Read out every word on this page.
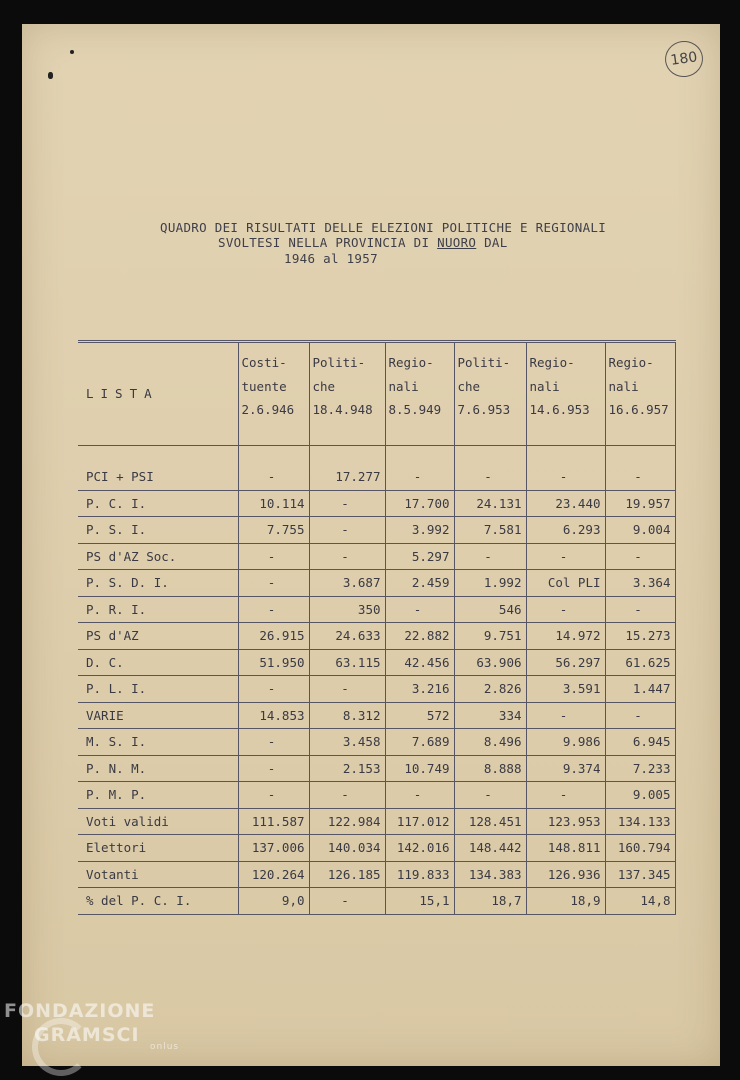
180
QUADRO DEI RISULTATI DELLE ELEZIONI POLITICHE E REGIONALI
SVOLTESI NELLA PROVINCIA DI NUORO DAL
1946 al 1957
LISTA	Costi-
tuente
2.6.946	Politi-
che
18.4.948	Regio-
nali
8.5.949	Politi-
che
7.6.953	Regio-
nali
14.6.953	Regio-
nali
16.6.957

PCI + PSI	-	17.277	-	-	-	-
P. C. I.	10.114	-	17.700	24.131	23.440	19.957
P. S. I.	7.755	-	3.992	7.581	6.293	9.004
PS d'AZ Soc.	-	-	5.297	-	-	-
P. S. D. I.	-	3.687	2.459	1.992	Col PLI	3.364
P. R. I.	-	350	-	546	-	-
PS d'AZ	26.915	24.633	22.882	9.751	14.972	15.273
D. C.	51.950	63.115	42.456	63.906	56.297	61.625
P. L. I.	-	-	3.216	2.826	3.591	1.447
VARIE	14.853	8.312	572	334	-	-
M. S. I.	-	3.458	7.689	8.496	9.986	6.945
P. N. M.	-	2.153	10.749	8.888	9.374	7.233
P. M. P.	-	-	-	-	-	9.005
Voti validi	111.587	122.984	117.012	128.451	123.953	134.133
Elettori	137.006	140.034	142.016	148.442	148.811	160.794
Votanti	120.264	126.185	119.833	134.383	126.936	137.345
% del P. C. I.	9,0	-	15,1	18,7	18,9	14,8
FONDAZIONE
GRAMSCI
onlus
